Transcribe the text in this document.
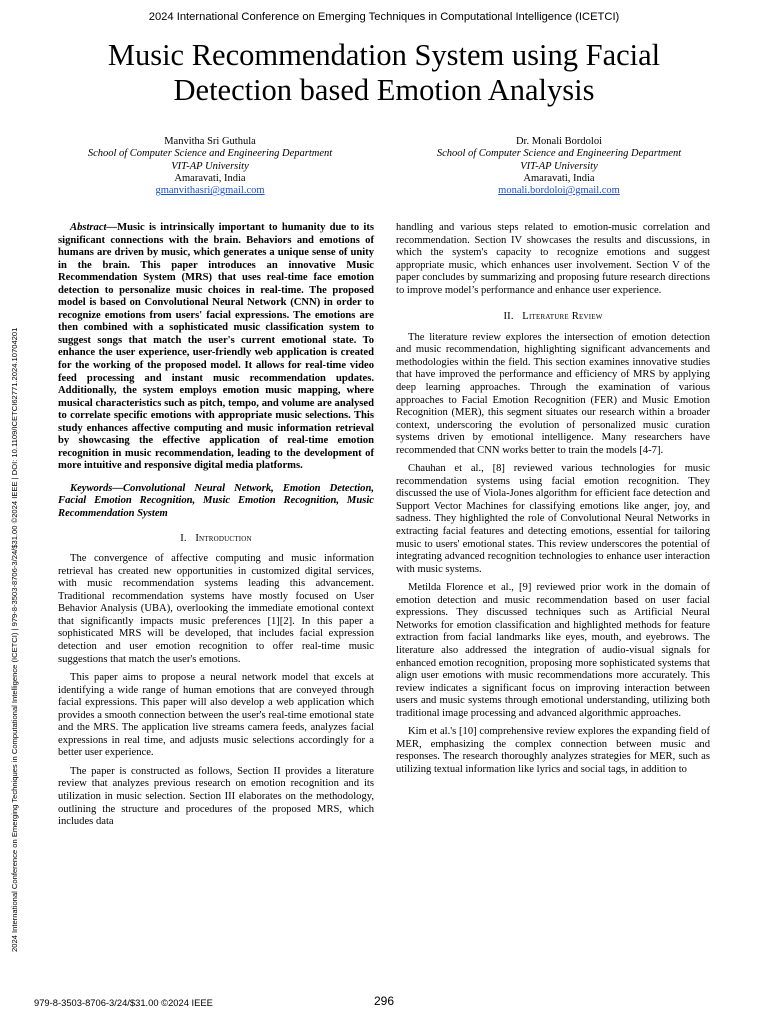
2024 International Conference on Emerging Techniques in Computational Intelligence (ICETCI)
Music Recommendation System using Facial Detection based Emotion Analysis
Manvitha Sri Guthula
School of Computer Science and Engineering Department
VIT-AP University
Amaravati, India
gmanvithasri@gmail.com
Dr. Monali Bordoloi
School of Computer Science and Engineering Department
VIT-AP University
Amaravati, India
monali.bordoloi@gmail.com
2024 International Conference on Emerging Techniques in Computational Intelligence (ICETCI) | 979-8-3503-8706-3/24/$31.00 ©2024 IEEE | DOI: 10.1109/ICETCI62771.2024.10704201

Abstract—Music is intrinsically important to humanity due to its significant connections with the brain. Behaviors and emotions of humans are driven by music, which generates a unique sense of unity in the brain. This paper introduces an innovative Music Recommendation System (MRS) that uses real-time face emotion detection to personalize music choices in real-time. The proposed model is based on Convolutional Neural Network (CNN) in order to recognize emotions from users' facial expressions. The emotions are then combined with a sophisticated music classification system to suggest songs that match the user's current emotional state. To enhance the user experience, user-friendly web application is created for the working of the proposed model. It allows for real-time video feed processing and instant music recommendation updates. Additionally, the system employs emotion music mapping, where musical characteristics such as pitch, tempo, and volume are analysed to correlate specific emotions with appropriate music selections. This study enhances affective computing and music information retrieval by showcasing the effective application of real-time emotion recognition in music recommendation, leading to the development of more intuitive and responsive digital media platforms.

Keywords—Convolutional Neural Network, Emotion Detection, Facial Emotion Recognition, Music Emotion Recognition, Music Recommendation System

I. Introduction

The convergence of affective computing and music information retrieval has created new opportunities in customized digital services, with music recommendation systems leading this advancement. Traditional recommendation systems have mostly focused on User Behavior Analysis (UBA), overlooking the immediate emotional context that significantly impacts music preferences [1][2]. In this paper a sophisticated MRS will be developed, that includes facial expression detection and user emotion recognition to offer real-time music suggestions that match the user's emotions.

This paper aims to propose a neural network model that excels at identifying a wide range of human emotions that are conveyed through facial expressions. This paper will also develop a web application which provides a smooth connection between the user's real-time emotional state and the MRS. The application live streams camera feeds, analyzes facial expressions in real time, and adjusts music selections accordingly for a better user experience.

The paper is constructed as follows, Section II provides a literature review that analyzes previous research on emotion recognition and its utilization in music selection. Section III elaborates on the methodology, outlining the structure and procedures of the proposed MRS, which includes data

handling and various steps related to emotion-music correlation and recommendation. Section IV showcases the results and discussions, in which the system's capacity to recognize emotions and suggest appropriate music, which enhances user involvement. Section V of the paper concludes by summarizing and proposing future research directions to improve model’s performance and enhance user experience.

II. Literature Review

The literature review explores the intersection of emotion detection and music recommendation, highlighting significant advancements and methodologies within the field. This section examines innovative studies that have improved the performance and efficiency of MRS by applying deep learning approaches. Through the examination of various approaches to Facial Emotion Recognition (FER) and Music Emotion Recognition (MER), this segment situates our research within a broader context, underscoring the evolution of personalized music curation systems driven by emotional intelligence. Many researchers have recommended that CNN works better to train the models [4-7].

Chauhan et al., [8] reviewed various technologies for music recommendation systems using facial emotion recognition. They discussed the use of Viola-Jones algorithm for efficient face detection and Support Vector Machines for classifying emotions like anger, joy, and sadness. They highlighted the role of Convolutional Neural Networks in extracting facial features and detecting emotions, essential for tailoring music to users' emotional states. This review underscores the potential of integrating advanced recognition technologies to enhance user interaction with music systems.

Metilda Florence et al., [9] reviewed prior work in the domain of emotion detection and music recommendation based on user facial expressions. They discussed techniques such as Artificial Neural Networks for emotion classification and highlighted methods for feature extraction from facial landmarks like eyes, mouth, and eyebrows. The literature also addressed the integration of audio-visual signals for enhanced emotion recognition, proposing more sophisticated systems that align user emotions with music recommendations more accurately. This review indicates a significant focus on improving interaction between users and music systems through emotional understanding, utilizing both traditional image processing and advanced algorithmic approaches.

Kim et al.'s [10] comprehensive review explores the expanding field of MER, emphasizing the complex connection between music and responses. The research thoroughly analyzes strategies for MER, such as utilizing textual information like lyrics and social tags, in addition to

979-8-3503-8706-3/24/$31.00 ©2024 IEEE	296
